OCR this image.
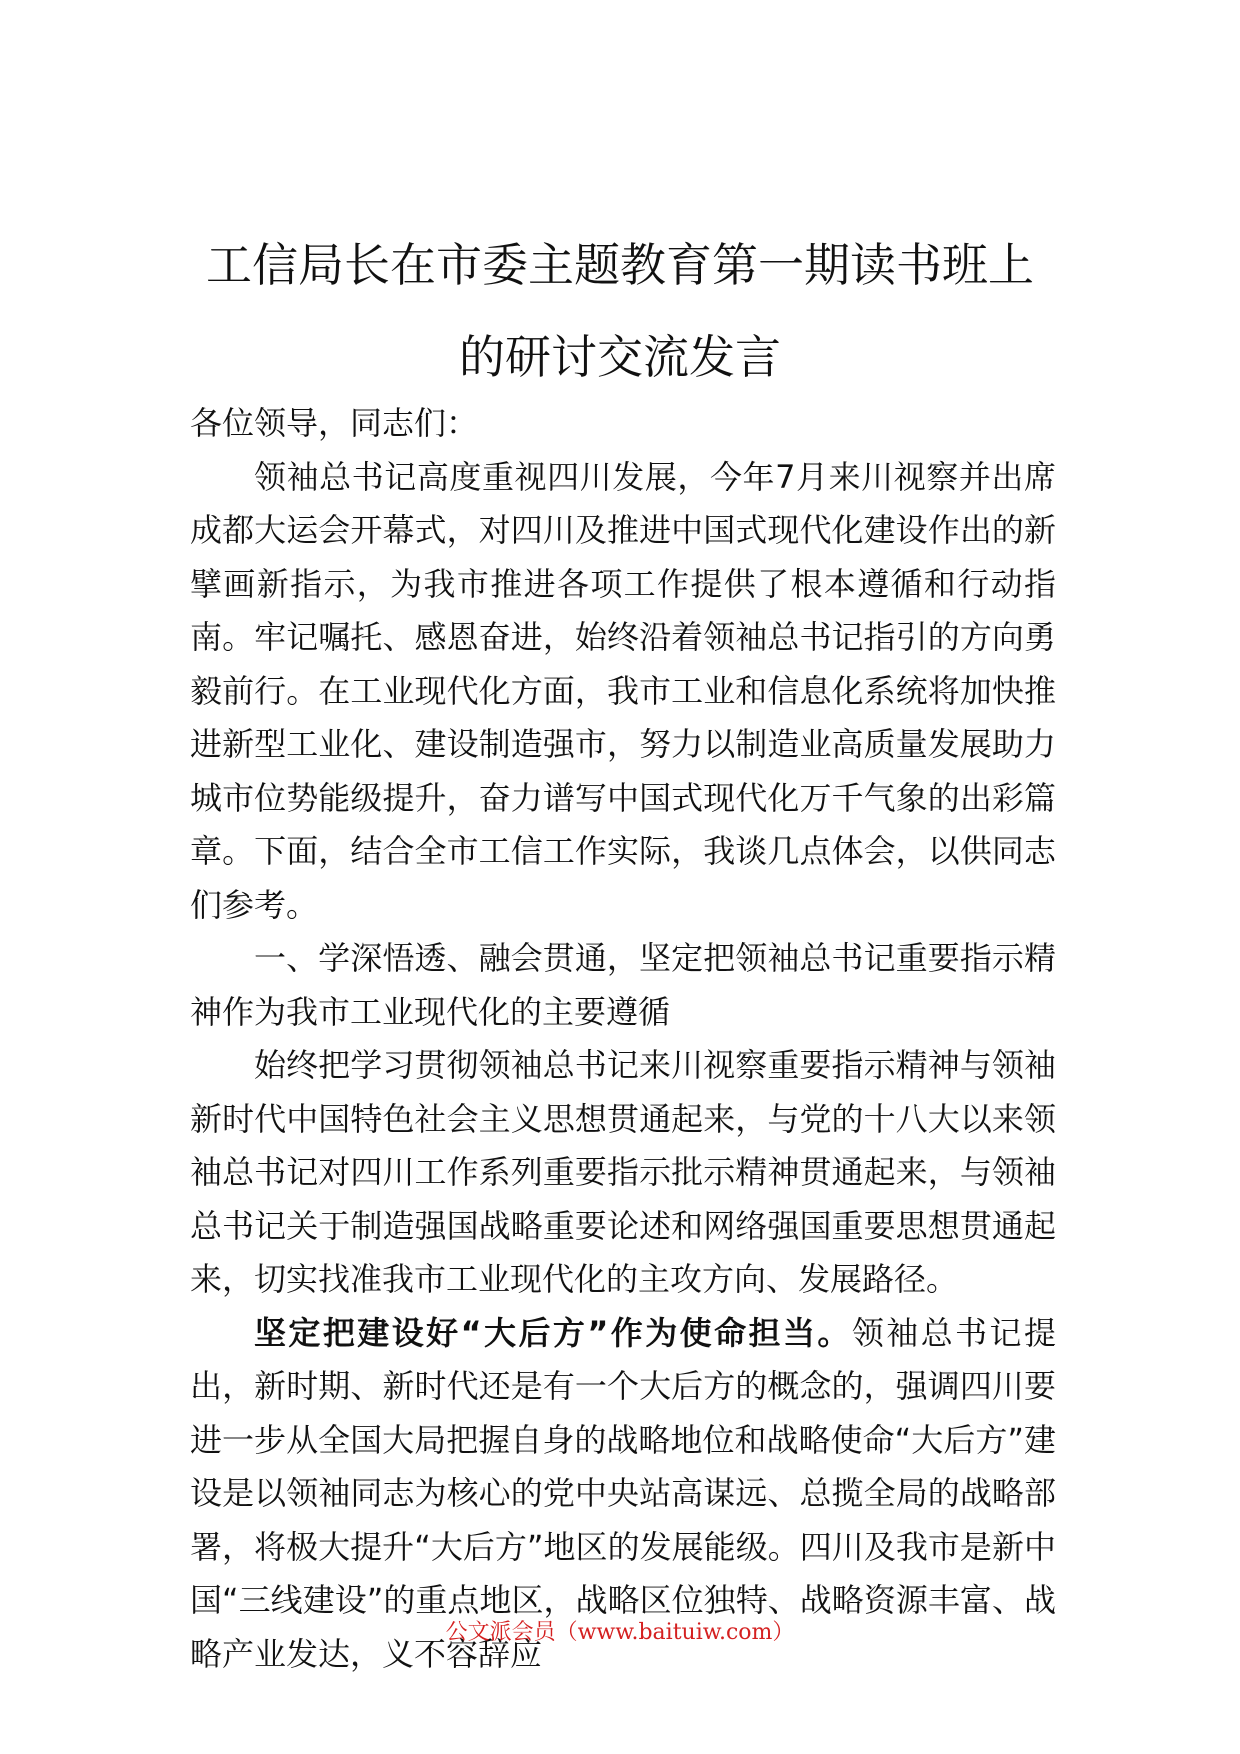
工信局长在市委主题教育第一期读书班上
的研讨交流发言

各位领导，同志们：

领袖总书记高度重视四川发展，今年7月来川视察并出席成都大运会开幕式，对四川及推进中国式现代化建设作出的新擘画新指示，为我市推进各项工作提供了根本遵循和行动指南。牢记嘱托、感恩奋进，始终沿着领袖总书记指引的方向勇毅前行。在工业现代化方面，我市工业和信息化系统将加快推进新型工业化、建设制造强市，努力以制造业高质量发展助力城市位势能级提升，奋力谱写中国式现代化万千气象的出彩篇章。下面，结合全市工信工作实际，我谈几点体会，以供同志们参考。

一、学深悟透、融会贯通，坚定把领袖总书记重要指示精神作为我市工业现代化的主要遵循

始终把学习贯彻领袖总书记来川视察重要指示精神与领袖新时代中国特色社会主义思想贯通起来，与党的十八大以来领袖总书记对四川工作系列重要指示批示精神贯通起来，与领袖总书记关于制造强国战略重要论述和网络强国重要思想贯通起来，切实找准我市工业现代化的主攻方向、发展路径。

坚定把建设好“大后方”作为使命担当。领袖总书记提出，新时期、新时代还是有一个大后方的概念的，强调四川要进一步从全国大局把握自身的战略地位和战略使命“大后方”建设是以领袖同志为核心的党中央站高谋远、总揽全局的战略部署，将极大提升“大后方”地区的发展能级。四川及我市是新中国“三线建设”的重点地区，战略区位独特、战略资源丰富、战略产业发达，义不容辞应

公文派会员（www.baituiw.com）
